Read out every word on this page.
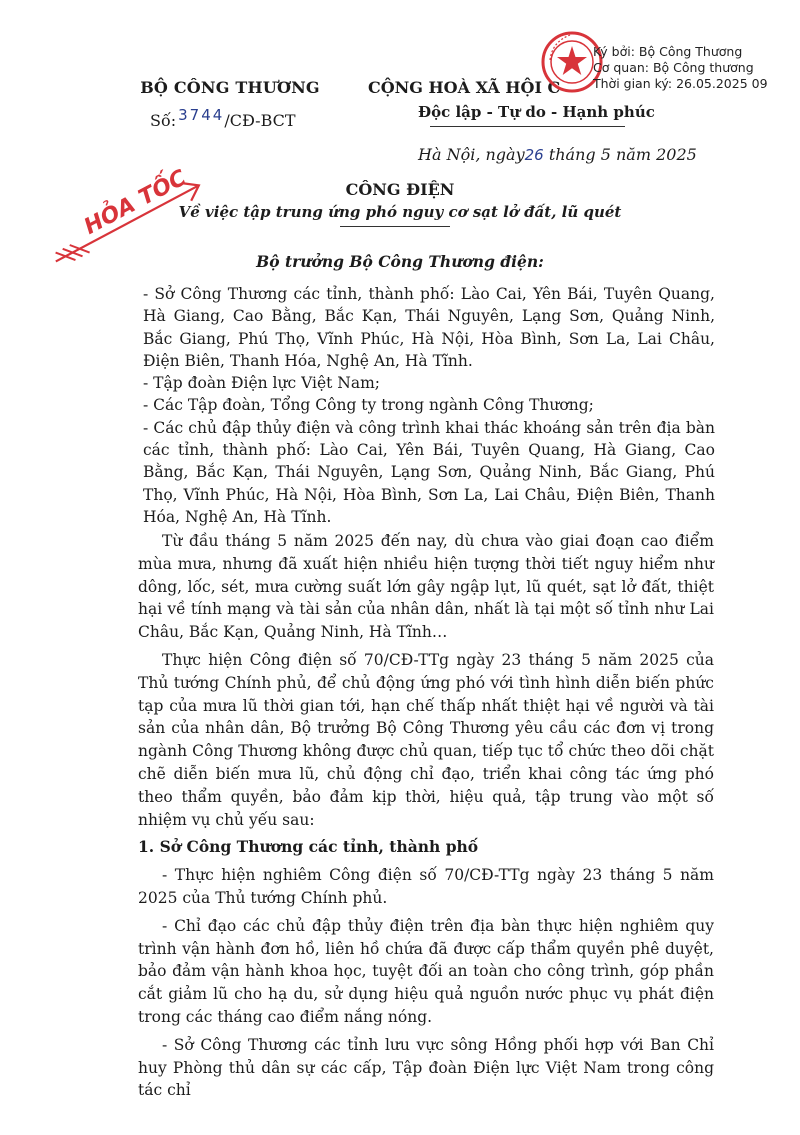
BỘ CÔNG THƯƠNG
Số: 3744/CĐ-BCT
CỘNG HOÀ XÃ HỘI C
Độc lập - Tự do - Hạnh phúc
Ký bởi: Bộ Công Thương
Cơ quan: Bộ Công thương
Thời gian ký: 26.05.2025 09
Hà Nội, ngày26 tháng 5 năm 2025
HỎA TỐC	CÔNG ĐIỆN
Về việc tập trung ứng phó nguy cơ sạt lở đất, lũ quét
Bộ trưởng Bộ Công Thương điện:

- Sở Công Thương các tỉnh, thành phố: Lào Cai, Yên Bái, Tuyên Quang, Hà Giang, Cao Bằng, Bắc Kạn, Thái Nguyên, Lạng Sơn, Quảng Ninh, Bắc Giang, Phú Thọ, Vĩnh Phúc, Hà Nội, Hòa Bình, Sơn La, Lai Châu, Điện Biên, Thanh Hóa, Nghệ An, Hà Tĩnh.

- Tập đoàn Điện lực Việt Nam;

- Các Tập đoàn, Tổng Công ty trong ngành Công Thương;

- Các chủ đập thủy điện và công trình khai thác khoáng sản trên địa bàn các tỉnh, thành phố: Lào Cai, Yên Bái, Tuyên Quang, Hà Giang, Cao Bằng, Bắc Kạn, Thái Nguyên, Lạng Sơn, Quảng Ninh, Bắc Giang, Phú Thọ, Vĩnh Phúc, Hà Nội, Hòa Bình, Sơn La, Lai Châu, Điện Biên, Thanh Hóa, Nghệ An, Hà Tĩnh.

Từ đầu tháng 5 năm 2025 đến nay, dù chưa vào giai đoạn cao điểm mùa mưa, nhưng đã xuất hiện nhiều hiện tượng thời tiết nguy hiểm như dông, lốc, sét, mưa cường suất lớn gây ngập lụt, lũ quét, sạt lở đất, thiệt hại về tính mạng và tài sản của nhân dân, nhất là tại một số tỉnh như Lai Châu, Bắc Kạn, Quảng Ninh, Hà Tĩnh…

Thực hiện Công điện số 70/CĐ-TTg ngày 23 tháng 5 năm 2025 của Thủ tướng Chính phủ, để chủ động ứng phó với tình hình diễn biến phức tạp của mưa lũ thời gian tới, hạn chế thấp nhất thiệt hại về người và tài sản của nhân dân, Bộ trưởng Bộ Công Thương yêu cầu các đơn vị trong ngành Công Thương không được chủ quan, tiếp tục tổ chức theo dõi chặt chẽ diễn biến mưa lũ, chủ động chỉ đạo, triển khai công tác ứng phó theo thẩm quyền, bảo đảm kịp thời, hiệu quả, tập trung vào một số nhiệm vụ chủ yếu sau:

1. Sở Công Thương các tỉnh, thành phố

- Thực hiện nghiêm Công điện số 70/CĐ-TTg ngày 23 tháng 5 năm 2025 của Thủ tướng Chính phủ.

- Chỉ đạo các chủ đập thủy điện trên địa bàn thực hiện nghiêm quy trình vận hành đơn hồ, liên hồ chứa đã được cấp thẩm quyền phê duyệt, bảo đảm vận hành khoa học, tuyệt đối an toàn cho công trình, góp phần cắt giảm lũ cho hạ du, sử dụng hiệu quả nguồn nước phục vụ phát điện trong các tháng cao điểm nắng nóng.

- Sở Công Thương các tỉnh lưu vực sông Hồng phối hợp với Ban Chỉ huy Phòng thủ dân sự các cấp, Tập đoàn Điện lực Việt Nam trong công tác chỉ
